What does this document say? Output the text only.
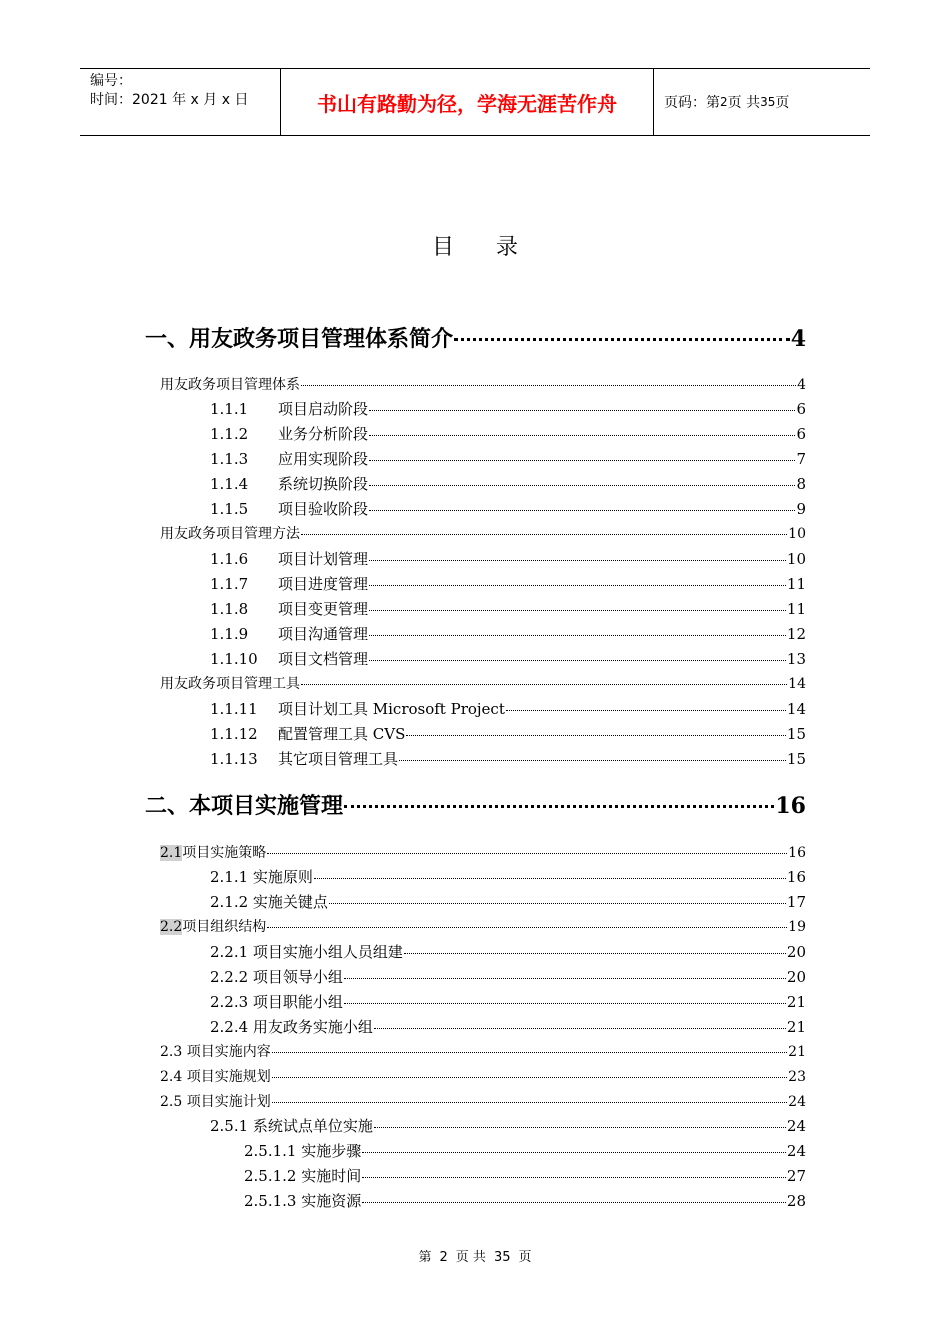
编号：
时间：2021 年 x 月 x 日	书山有路勤为径，学海无涯苦作舟	页码：第 2 页 共 35 页
目录
一、用友政务项目管理体系简介	4
用友政务项目管理体系	4
1.1.1	项目启动阶段	6
1.1.2	业务分析阶段	6
1.1.3	应用实现阶段	7
1.1.4	系统切换阶段	8
1.1.5	项目验收阶段	9
用友政务项目管理方法	10
1.1.6	项目计划管理	10
1.1.7	项目进度管理	11
1.1.8	项目变更管理	11
1.1.9	项目沟通管理	12
1.1.10	项目文档管理	13
用友政务项目管理工具	14
1.1.11	项目计划工具 Microsoft Project	14
1.1.12	配置管理工具 CVS	15
1.1.13	其它项目管理工具	15
二、本项目实施管理	16
2.1 项目实施策略	16
2.1.1 实施原则	16
2.1.2 实施关键点	17
2.2 项目组织结构	19
2.2.1 项目实施小组人员组建	20
2.2.2 项目领导小组	20
2.2.3 项目职能小组	21
2.2.4 用友政务实施小组	21
2.3 项目实施内容	21
2.4 项目实施规划	23
2.5 项目实施计划	24
2.5.1 系统试点单位实施	24
2.5.1.1 实施步骤	24
2.5.1.2 实施时间	27
2.5.1.3 实施资源	28
第 2 页 共 35 页
